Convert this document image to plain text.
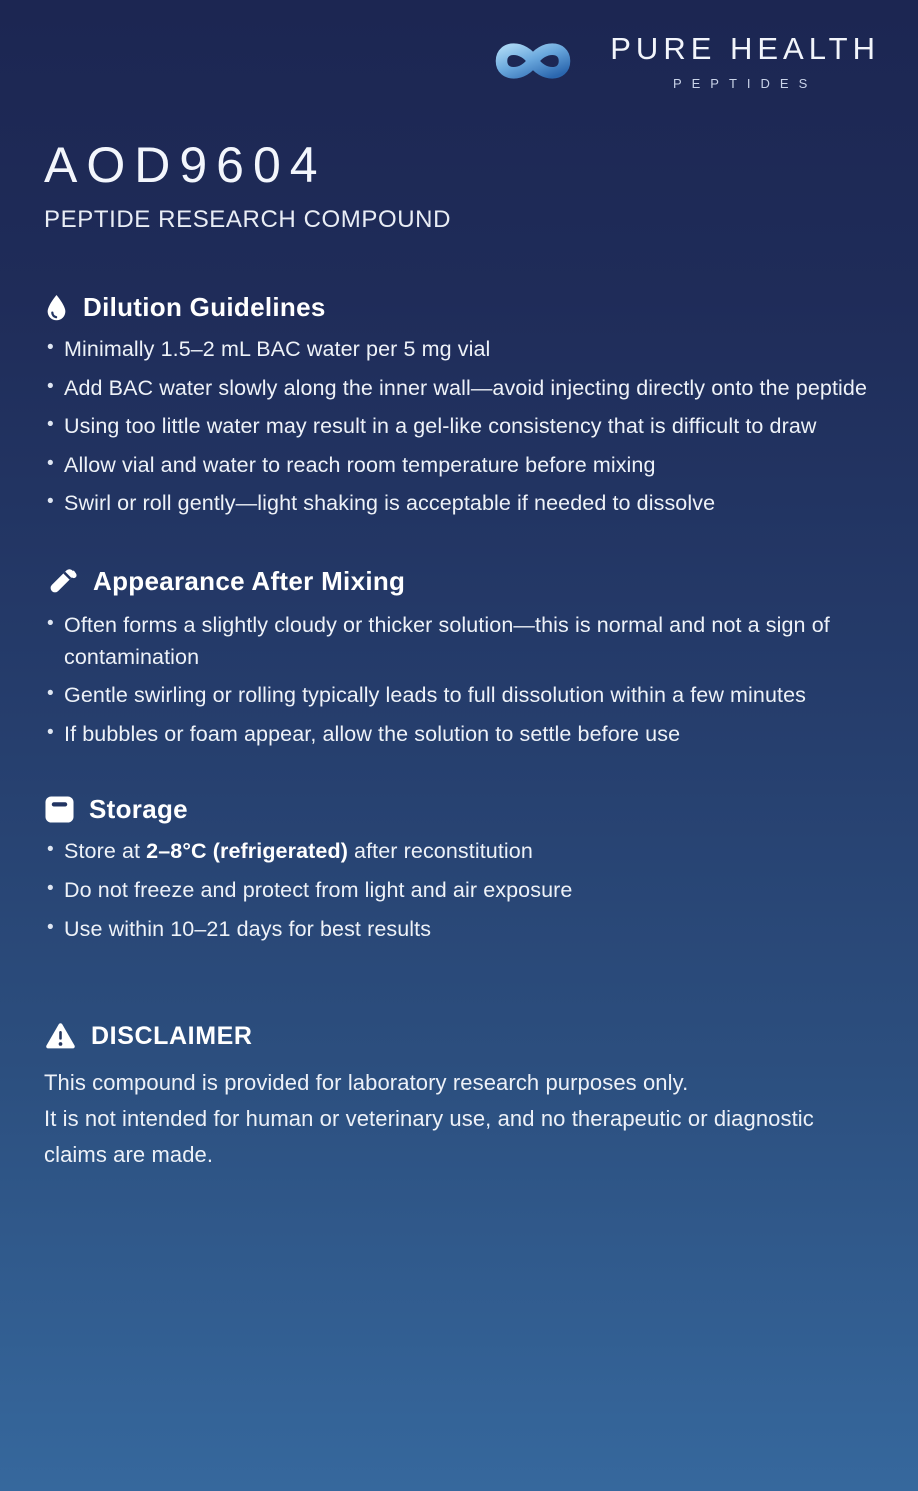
PURE HEALTH
PEPTIDES
AOD9604
PEPTIDE RESEARCH COMPOUND
Dilution Guidelines
• Minimally 1.5–2 mL BAC water per 5 mg vial
• Add BAC water slowly along the inner wall—avoid injecting directly onto the peptide
• Using too little water may result in a gel-like consistency that is difficult to draw
• Allow vial and water to reach room temperature before mixing
• Swirl or roll gently—light shaking is acceptable if needed to dissolve
Appearance After Mixing
• Often forms a slightly cloudy or thicker solution—this is normal and not a sign of contamination
• Gentle swirling or rolling typically leads to full dissolution within a few minutes
• If bubbles or foam appear, allow the solution to settle before use
Storage
• Store at 2–8°C (refrigerated) after reconstitution
• Do not freeze and protect from light and air exposure
• Use within 10–21 days for best results
DISCLAIMER
This compound is provided for laboratory research purposes only.
It is not intended for human or veterinary use, and no therapeutic or diagnostic claims are made.
